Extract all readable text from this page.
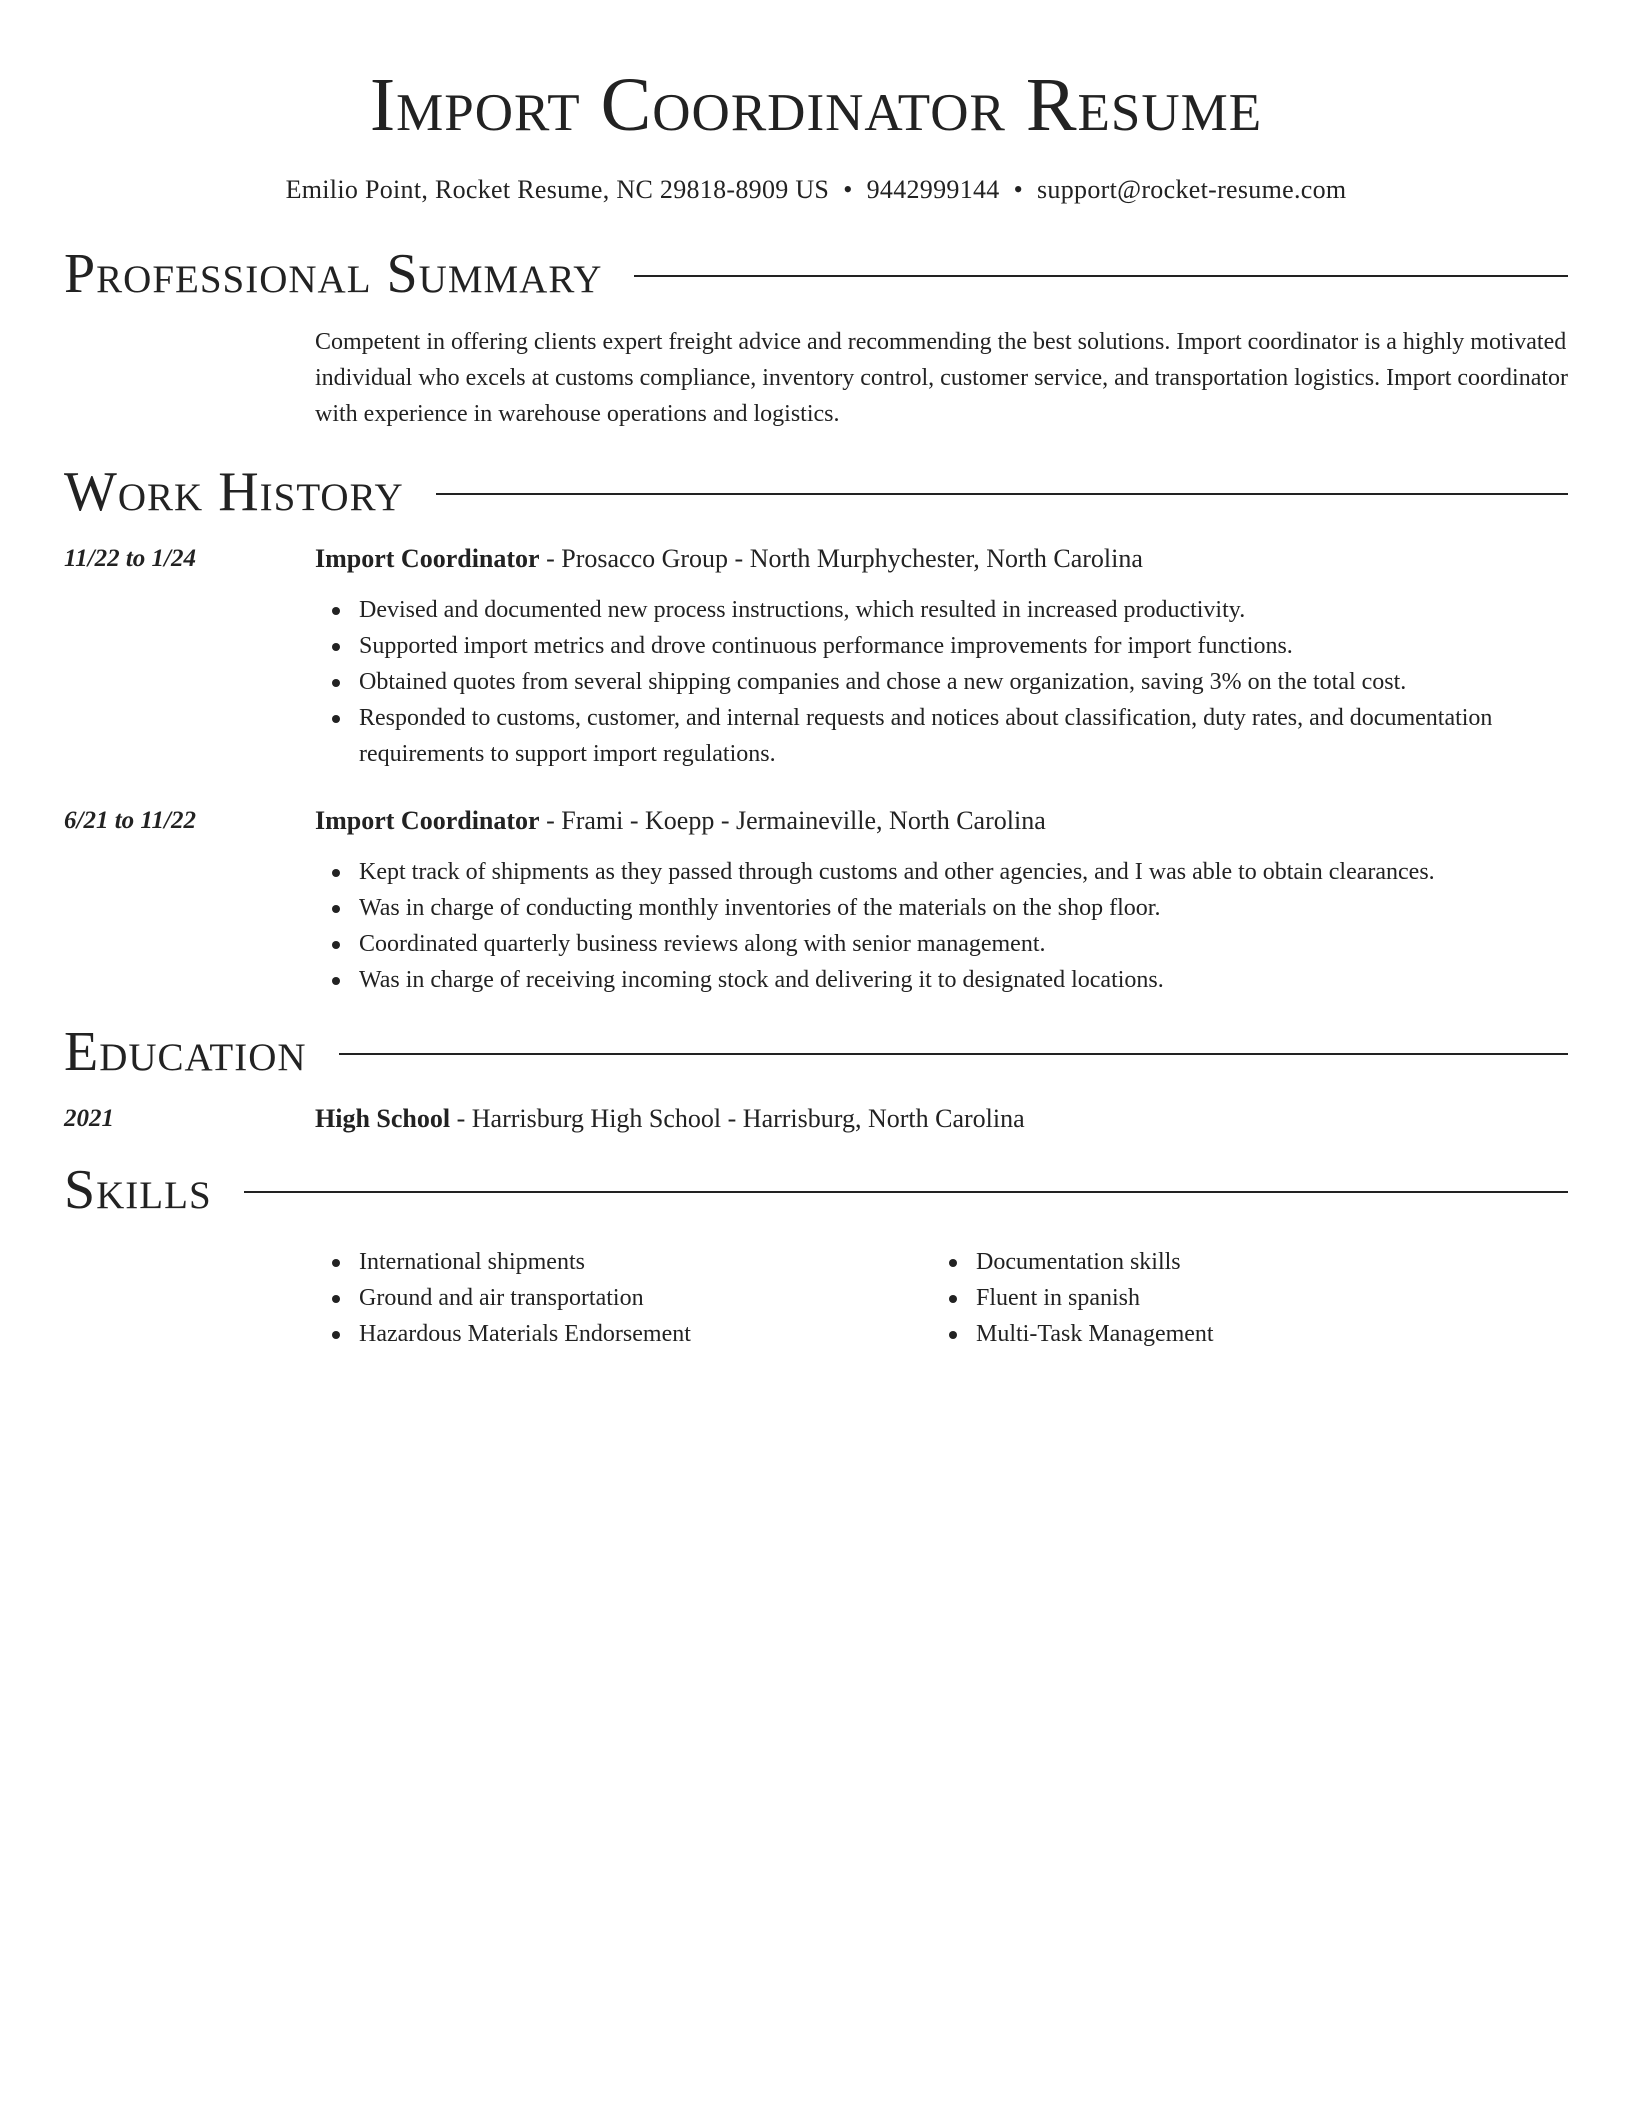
Import Coordinator Resume
Emilio Point, Rocket Resume, NC 29818-8909 US • 9442999144 • support@rocket-resume.com
Professional Summary

Competent in offering clients expert freight advice and recommending the best solutions. Import coordinator is a highly motivated individual who excels at customs compliance, inventory control, customer service, and transportation logistics. Import coordinator with experience in warehouse operations and logistics.

Work History
11/22 to 1/24	Import Coordinator - Prosacco Group - North Murphychester, North Carolina
Devised and documented new process instructions, which resulted in increased productivity.
Supported import metrics and drove continuous performance improvements for import functions.
Obtained quotes from several shipping companies and chose a new organization, saving 3% on the total cost.
Responded to customs, customer, and internal requests and notices about classification, duty rates, and documentation requirements to support import regulations.
6/21 to 11/22	Import Coordinator - Frami - Koepp - Jermaineville, North Carolina
Kept track of shipments as they passed through customs and other agencies, and I was able to obtain clearances.
Was in charge of conducting monthly inventories of the materials on the shop floor.
Coordinated quarterly business reviews along with senior management.
Was in charge of receiving incoming stock and delivering it to designated locations.
Education
2021	High School - Harrisburg High School - Harrisburg, North Carolina
Skills
International shipments
Ground and air transportation
Hazardous Materials Endorsement
Documentation skills
Fluent in spanish
Multi-Task Management
